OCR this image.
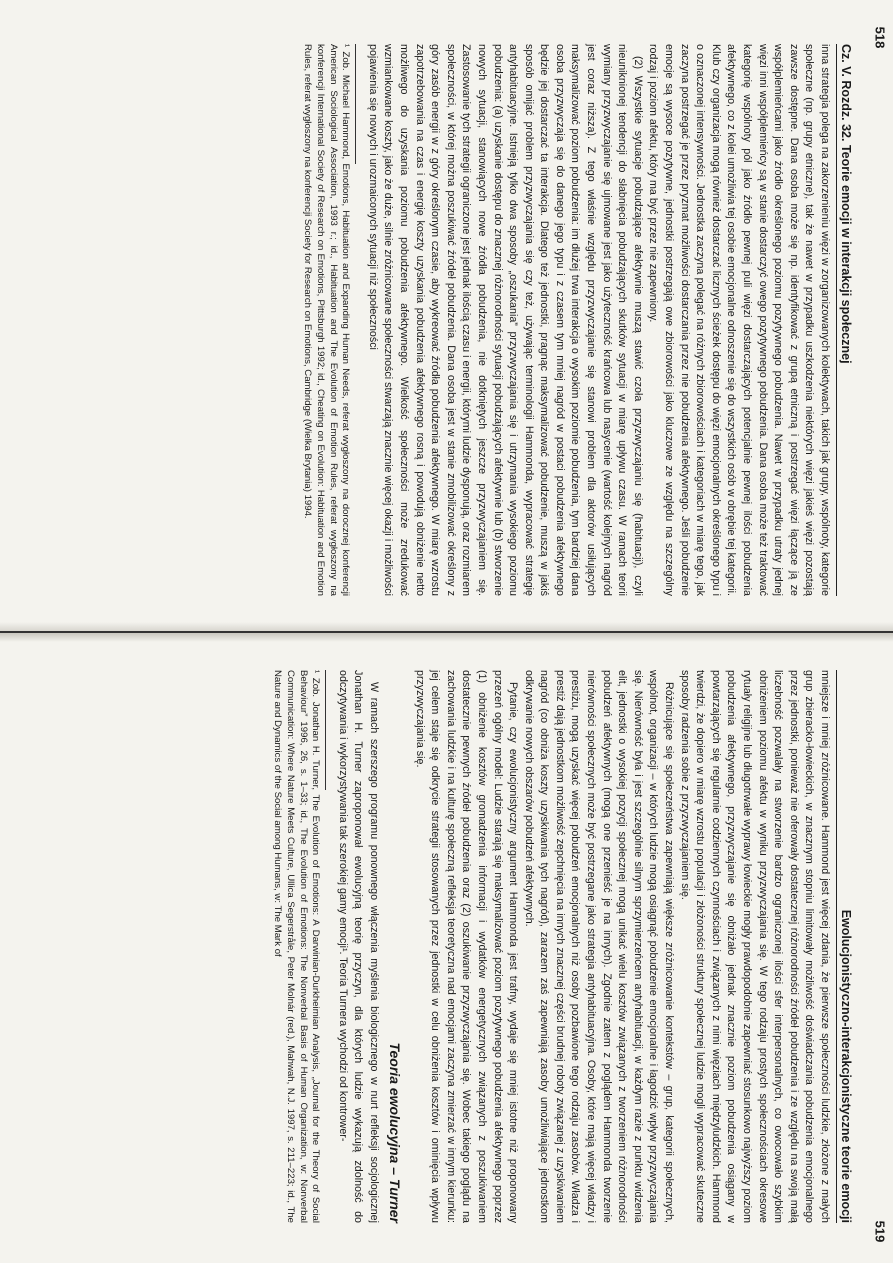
Cz. V. Rozdz. 32. Teorie emocji w interakcji społecznej

inna strategia polega na zakorzenieniu więzi w zorganizowanych kolektywach, takich jak grupy, wspólnoty, kategorie społeczne (np. grupy etniczne), tak że nawet w przypadku uszkodzenia niektórych więzi jakieś więzi pozostają zawsze dostępne. Dana osoba może się np. identyfikować z grupą etniczną i postrzegać więzi łączące ją ze współplemieńcami jako źródło określonego poziomu pozytywnego pobudzenia. Nawet w przypadku utraty jednej więzi inni współplemieńcy są w stanie dostarczyć owego pozytywnego pobudzenia. Dana osoba może też traktować kategorię wspólnoty pól jako źródło pewnej puli więzi dostarczających potencjalnie pewnej ilości pobudzenia afektywnego, co z kolei umożliwia tej osobie emocjonalne odnoszenie się do wszystkich osób w obrębie tej kategorii. Klub czy organizacja mogą również dostarczać licznych ścieżek dostępu do więzi emocjonalnych określonego typu i o oznaczonej intensywności. Jednostka zaczyna polegać na różnych zbiorowościach i kategoriach w miarę tego, jak zaczyna postrzegać je przez pryzmat możliwości dostarczania przez nie pobudzenia afektywnego. Jeśli pobudzenie emocje są wysoce pozytywne, jednostki postrzegają owe zbiorowości jako kluczowe ze względu na szczególny rodzaj i poziom afektu, który ma być przez nie zapewniony.

(2) Wszystkie sytuacje pobudzające afektywnie muszą stawić czoła przyzwyczajaniu się (habituacji), czyli nieuniknionej tendencji do słabnięcia pobudzających skutków sytuacji w miarę upływu czasu. W ramach teorii wymiany przyzwyczajanie się ujmowane jest jako użyteczność krańcowa lub nasycenie (wartość kolejnych nagród jest coraz niższa). Z tego właśnie względu przyzwyczajanie się stanowi problem dla aktorów usiłujących maksymalizować poziom pobudzenia: im dłużej trwa interakcja o wysokim poziomie pobudzenia, tym bardziej dana osoba przyzwyczaja się do danego jego typu i z czasem tym mniej nagród w postaci pobudzenia afektywnego będzie jej dostarczać ta interakcja. Dlatego też jednostki, pragnąc maksymalizować pobudzenie, muszą w jakiś sposób omijać problem przyzwyczajania się czy też, używając terminologii Hammonda, wypracować strategię antyhabituacyjne. Istnieją tylko dwa sposoby „oszukania” przyzwyczajania się i utrzymania wysokiego poziomu pobudzenia: (a) uzyskanie dostępu do znacznej różnorodności sytuacji pobudzających afektywnie lub (b) stworzenie nowych sytuacji, stanowiących nowe źródła pobudzenia, nie dotkniętych jeszcze przyzwyczajaniem się. Zastosowanie tych strategii ograniczone jest jednak ilością czasu i energii, którymi ludzie dysponują, oraz rozmiarem społeczności, w której można poszukiwać źródeł pobudzenia. Dana osoba jest w stanie zmobilizować określony z góry zasób energii w z góry określonym czasie, aby wykreować źródła pobudzenia afektywnego. W miarę wzrostu zapotrzebowania na czas i energię koszty uzyskania pobudzenia afektywnego rosną i powodują obniżenie netto możliwego do uzyskania poziomu pobudzenia afektywnego. Wielkość społeczności może zredukować wzmiankowane koszty, jako że duże, silnie zróżnicowane społeczności stwarzają znacznie więcej okazji i możliwości pojawienia się nowych i urozmaiconych sytuacji niż społeczności

¹ Zob. Michael Hammond, Emotions, Habituation and Expanding Human Needs, referat wygłoszony na dorocznej konferencji American Sociological Association, 1993 r.; id., Habituation and The Evolution of Emotion Rules, referat wygłoszony na konferencji International Society of Research on Emotions, Pittsburgh 1992; id., Cheating on Evolution: Habituation and Emotion Rules, referat wygłoszony na konferencji Society for Research on Emotions, Cambridge (Wielka Brytania) 1994.

Ewolucjonistyczno-interakcjonistyczne teorie emocji

mniejsze i mniej zróżnicowane. Hammond jest więcej zdania, że pierwsze społeczności ludzkie, złożone z małych grup zbieracko-łowieckich, w znacznym stopniu limitowały możliwość doświadczania pobudzenia emocjonalnego przez jednostki, ponieważ nie oferowały dostatecznej różnorodności źródeł pobudzenia i ze względu na swoją małą liczebność pozwalały na stworzenie bardzo ograniczonej ilości sfer interpersonalnych, co owocowało szybkim obniżeniem poziomu afektu w wyniku przyzwyczajania się. W tego rodzaju prostych społecznościach okresowe rytuały religijne lub długotrwałe wyprawy łowieckie mogły prawdopodobnie zapewniać stosunkowo najwyższy poziom pobudzenia afektywnego, przyzwyczajanie się obniżało jednak znacznie poziom pobudzenia osiągany w powtarzających się regularnie codziennych czynnościach i związanych z nimi więziach międzyludzkich. Hammond twierdzi, że dopiero w miarę wzrostu populacji i złożoności struktury społecznej ludzie mogli wypracować skuteczne sposoby radzenia sobie z przyzwyczajaniem się.

Różnicujące się społeczeństwa zapewniają większe zróżnicowanie kontekstów – grup, kategorii społecznych, wspólnot, organizacji – w których ludzie mogą osiągnąć pobudzenie emocjonalne i łagodzić wpływ przyzwyczajania się. Nierówność była i jest szczególnie silnym sprzymierzeńcem antyhabituacji, w każdym razie z punktu widzenia elit, jednostki o wysokiej pozycji społecznej mogą unikać wielu kosztów związanych z tworzeniem różnorodności pobudzeń afektywnych (mogą one przenieść je na innych). Zgodnie zatem z poglądem Hammonda tworzenie nierówności społecznych może być postrzegane jako strategia antyhabituacyjna. Osoby, które mają więcej władzy i prestiżu, mogą uzyskać więcej pobudzeń emocjonalnych niż osoby pozbawione tego rodzaju zasobów. Władza i prestiż dają jednostkom możliwość zepchnięcia na innych znacznej części brudnej roboty związanej z uzyskiwaniem nagród (co obniża koszty uzyskiwania tych nagród), zarazem zaś zapewniają zasoby umożliwiające jednostkom odkrywanie nowych obszarów pobudzeń afektywnych.

Pytanie, czy ewolucjonistyczny argument Hammonda jest trafny, wydaje się mniej istotne niż proponowany przezeń ogólny model: Ludzie starają się maksymalizować poziom pozytywnego pobudzenia afektywnego poprzez (1) obniżenie kosztów gromadzenia informacji i wydatków energetycznych związanych z poszukiwaniem dostatecznie pewnych źródeł pobudzenia oraz (2) oszukiwanie przyzwyczajania się. Wobec takiego poglądu na zachowania ludzkie i na kulturę społeczną refleksja teoretyczna nad emocjami zaczyna zmierzać w innym kierunku: jej celem staje się odkrycie strategii stosowanych przez jednostki w celu obniżenia kosztów i ominięcia wpływu przyzwyczajania się.

Teoria ewolucyjna – Turner

W ramach szerszego programu ponownego włączenia myślenia biologicznego w nurt refleksji socjologicznej Jonathan H. Turner zaproponował ewolucyjną teorię przyczyn, dla których ludzie wykazują zdolność do odczytywania i wykorzystywania tak szerokiej gamy emocji¹. Teoria Turnera wychodzi od kontrower-

¹ Zob. Jonathan H. Turner, The Evolution of Emotions: A Darwinian-Durkheimian Analysis, „Journal for the Theory of Social Behaviour” 1996, 26, s. 1–33; id., The Evolution of Emotions: The Nonverbal Basis of Human Organization, w: Nonverbal Communication: Where Nature Meets Culture, Ullica Segerstråle, Peter Molnár (red.), Mahwah, N.J. 1997, s. 211–223; id., The Nature and Dynamics of the Social among Humans, w: The Mark of

518
519
